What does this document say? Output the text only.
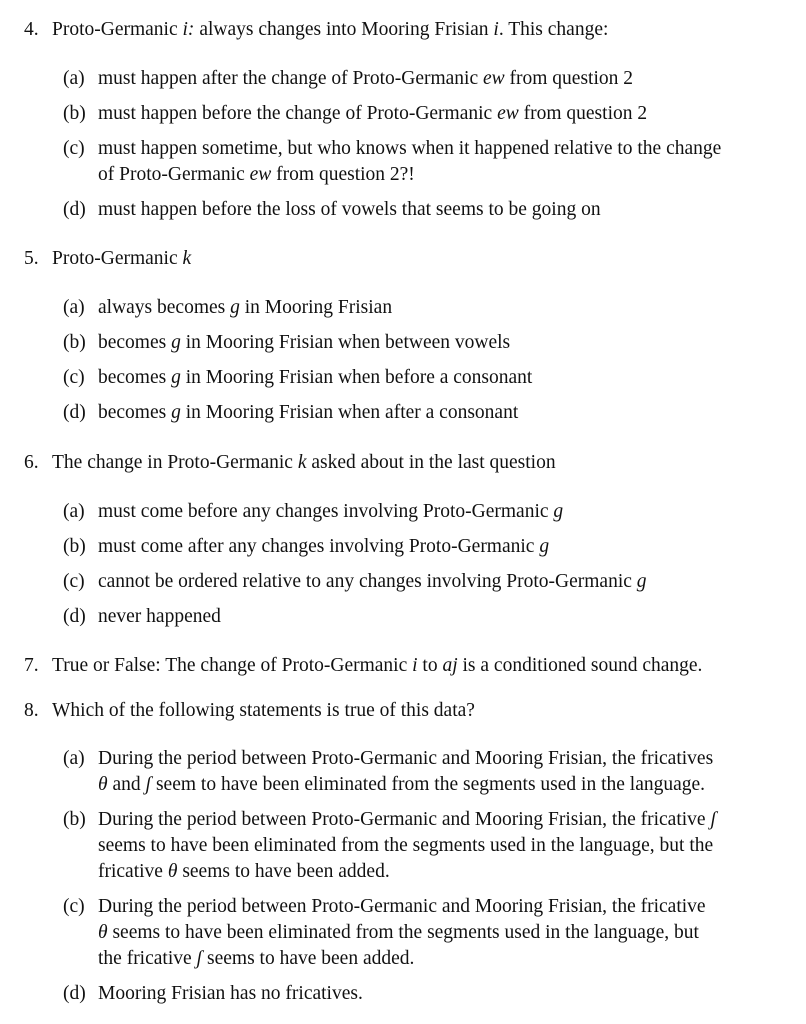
4. Proto-Germanic i: always changes into Mooring Frisian i. This change:
(a) must happen after the change of Proto-Germanic ew from question 2
(b) must happen before the change of Proto-Germanic ew from question 2
(c) must happen sometime, but who knows when it happened relative to the change
of Proto-Germanic ew from question 2?!
(d) must happen before the loss of vowels that seems to be going on
5. Proto-Germanic k
(a) always becomes g in Mooring Frisian
(b) becomes g in Mooring Frisian when between vowels
(c) becomes g in Mooring Frisian when before a consonant
(d) becomes g in Mooring Frisian when after a consonant
6. The change in Proto-Germanic k asked about in the last question
(a) must come before any changes involving Proto-Germanic g
(b) must come after any changes involving Proto-Germanic g
(c) cannot be ordered relative to any changes involving Proto-Germanic g
(d) never happened
7. True or False: The change of Proto-Germanic i to aj is a conditioned sound change.
8. Which of the following statements is true of this data?
(a) During the period between Proto-Germanic and Mooring Frisian, the fricatives
θ and ʃ seem to have been eliminated from the segments used in the language.
(b) During the period between Proto-Germanic and Mooring Frisian, the fricative ʃ
seems to have been eliminated from the segments used in the language, but the
fricative θ seems to have been added.
(c) During the period between Proto-Germanic and Mooring Frisian, the fricative
θ seems to have been eliminated from the segments used in the language, but
the fricative ʃ seems to have been added.
(d) Mooring Frisian has no fricatives.
